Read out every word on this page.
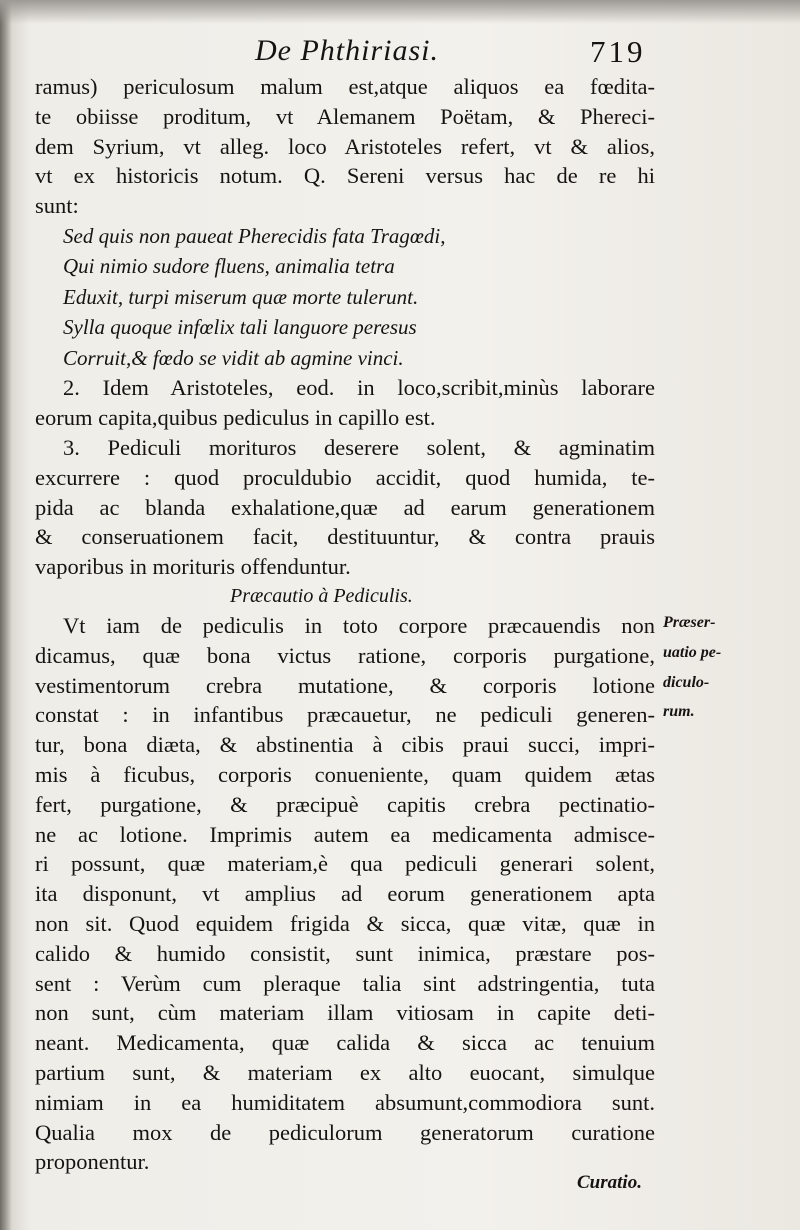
De Phthiriasi.	719
ramus) periculosum malum est,atque aliquos ea fœdita-
te obiisse proditum, vt Alemanem Poëtam, & Phereci-
dem Syrium, vt alleg. loco Aristoteles refert, vt & alios,
vt ex historicis notum. Q. Sereni versus hac de re hi
sunt:
Sed quis non paueat Pherecidis fata Tragœdi,
Qui nimio sudore fluens, animalia tetra
Eduxit, turpi miserum quæ morte tulerunt.
Sylla quoque infœlix tali languore peresus
Corruit,& fœdo se vidit ab agmine vinci.
2. Idem Aristoteles, eod. in loco,scribit,minùs laborare
eorum capita,quibus pediculus in capillo est.
3. Pediculi morituros deserere solent, & agminatim
excurrere : quod proculdubio accidit, quod humida, te-
pida ac blanda exhalatione,quæ ad earum generationem
& conseruationem facit, destituuntur, & contra prauis
vaporibus in morituris offenduntur.
Præcautio à Pediculis.
Vt iam de pediculis in toto corpore præcauendis non
dicamus, quæ bona victus ratione, corporis purgatione,
vestimentorum crebra mutatione, & corporis lotione
constat : in infantibus præcauetur, ne pediculi generen-
tur, bona diæta, & abstinentia à cibis praui succi, impri-
mis à ficubus, corporis conueniente, quam quidem ætas
fert, purgatione, & præcipuè capitis crebra pectinatio-
ne ac lotione. Imprimis autem ea medicamenta admisce-
ri possunt, quæ materiam,è qua pediculi generari solent,
ita disponunt, vt amplius ad eorum generationem apta
non sit. Quod equidem frigida & sicca, quæ vitæ, quæ in
calido & humido consistit, sunt inimica, præstare pos-
sent : Verùm cum pleraque talia sint adstringentia, tuta
non sunt, cùm materiam illam vitiosam in capite deti-
neant. Medicamenta, quæ calida & sicca ac tenuium
partium sunt, & materiam ex alto euocant, simulque
nimiam in ea humiditatem absumunt,commodiora sunt.
Qualia mox de pediculorum generatorum curatione
proponentur.
Præser-
uatio pe-
diculo-
rum.
Curatio.
